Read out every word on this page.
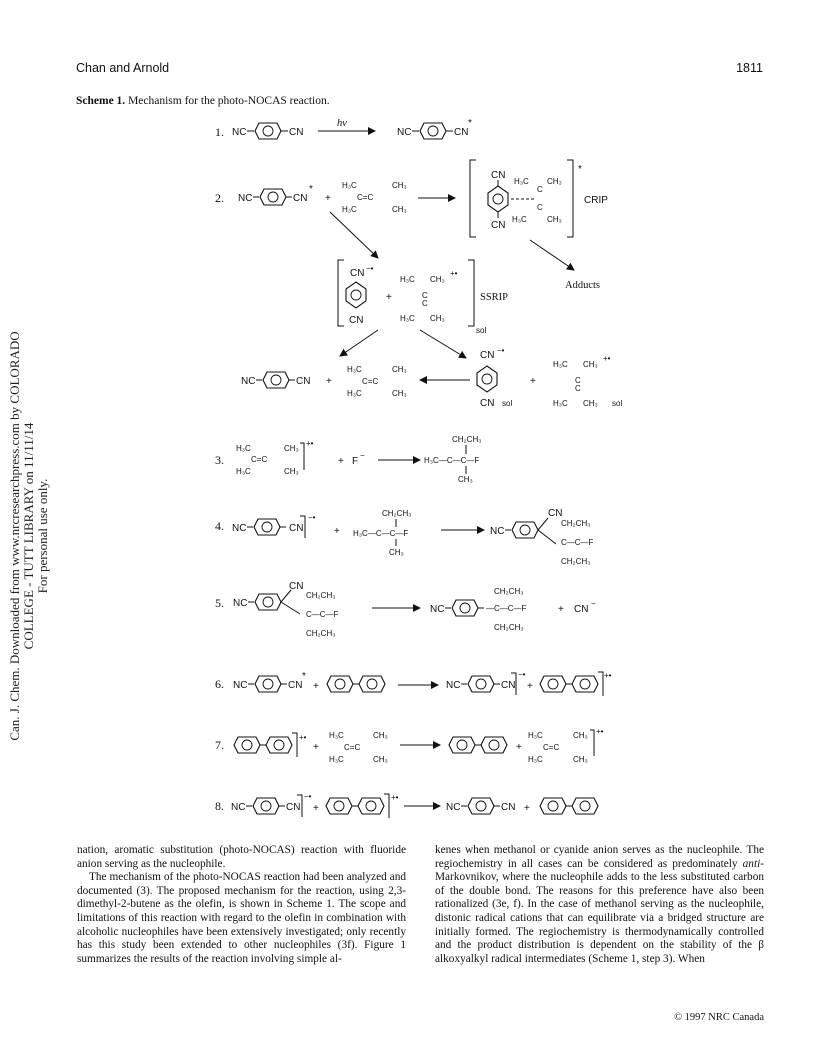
Chan and Arnold	1811
Scheme 1. Mechanism for the photo-NOCAS reaction.
Can. J. Chem. Downloaded from www.nrcresearchpress.com by COLORADO COLLEGE - TUTT LIBRARY on 11/11/14 For personal use only.
1. NC	CN
hν
NC	CN
*
2. NC	CN
*
+
H₃C	CH₃
C=C
H₃C	CH₃
CN
CN
H₃C CH₃
C
C
H₃C	CH₃
*
CRIP
Adducts
CN −•
CN
+
H₃C CH₃
+•
C
C
H₃C CH₃
SSRIP
sol
NC	CN +
H₃C	CH₃
C=C
H₃C	CH₃
CN −•
CN sol
+
H₃C CH₃
+•
C
C
H₃C CH₃ sol
3.
H₃C	CH₃
+•
C=C
H₃C	CH₃
+ F
−
CH₂CH₃
H₃C—C—C—F
CH₃
4. NC	CN
−•
+
CH₂CH₃
H₃C—C—C—F
CH₃
NC
CN
CH₂CH₃
C—C—F
CH₂CH₃
5. NC
CN
CH₂CH₃
C—C—F
CH₂CH₃
NC
CH₂CH₃
—C—C—F
CH₃CH₃
+ CN
−
6. NC	CN
*
+	NC	CN
−•
+
+•
7.
+•
+
H₃C	CH₃
C=C
H₃C	CH₃
+
H₃C	CH₃ +•
C=C
H₃C	CH₃
8. NC	CN
−•
+
+•
NC	CN +

nation, aromatic substitution (photo-NOCAS) reaction with fluoride anion serving as the nucleophile.

The mechanism of the photo-NOCAS reaction had been analyzed and documented (3). The proposed mechanism for the reaction, using 2,3-dimethyl-2-butene as the olefin, is shown in Scheme 1. The scope and limitations of this reaction with regard to the olefin in combination with alcoholic nucleophiles have been extensively investigated; only recently has this study been extended to other nucleophiles (3f). Figure 1 summarizes the results of the reaction involving simple al-

kenes when methanol or cyanide anion serves as the nucleophile. The regiochemistry in all cases can be considered as predominately anti-Markovnikov, where the nucleophile adds to the less substituted carbon of the double bond. The reasons for this preference have also been rationalized (3e, f). In the case of methanol serving as the nucleophile, distonic radical cations that can equilibrate via a bridged structure are initially formed. The regiochemistry is thermodynamically controlled and the product distribution is dependent on the stability of the β alkoxyalkyl radical intermediates (Scheme 1, step 3). When

© 1997 NRC Canada
